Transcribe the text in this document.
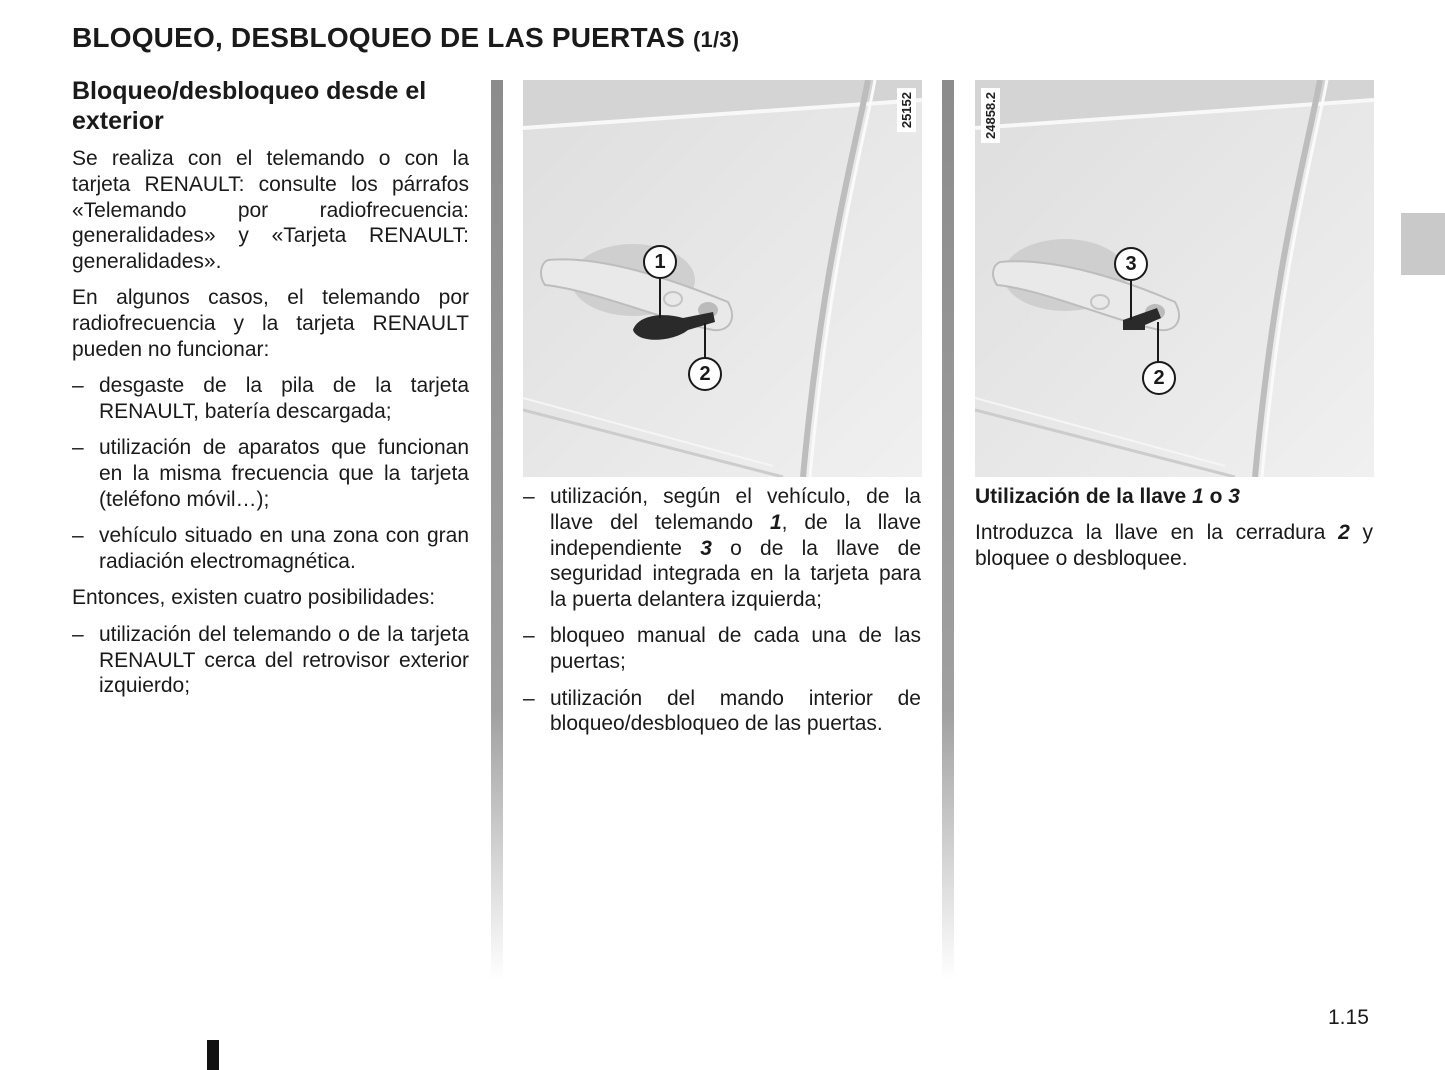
BLOQUEO, DESBLOQUEO DE LAS PUERTAS (1/3)
Bloqueo/desbloqueo desde el exterior

Se realiza con el telemando o con la tarjeta RENAULT: consulte los párrafos «Telemando por radiofrecuencia: generalidades» y «Tarjeta RENAULT: generalidades».

En algunos casos, el telemando por radiofrecuencia y la tarjeta RENAULT pueden no funcionar:

– desgaste de la pila de la tarjeta RENAULT, batería descargada;
– utilización de aparatos que funcionan en la misma frecuencia que la tarjeta (teléfono móvil…);
– vehículo situado en una zona con gran radiación electromagnética.

Entonces, existen cuatro posibilidades:

– utilización del telemando o de la tarjeta RENAULT cerca del retrovisor exterior izquierdo;
25152
1
2
– utilización, según el vehículo, de la llave del telemando 1, de la llave independiente 3 o de la llave de seguridad integrada en la tarjeta para la puerta delantera izquierda;
– bloqueo manual de cada una de las puertas;
– utilización del mando interior de bloqueo/desbloqueo de las puertas.
24858.2
3
2
Utilización de la llave 1 o 3

Introduzca la llave en la cerradura 2 y bloquee o desbloquee.

1.15
